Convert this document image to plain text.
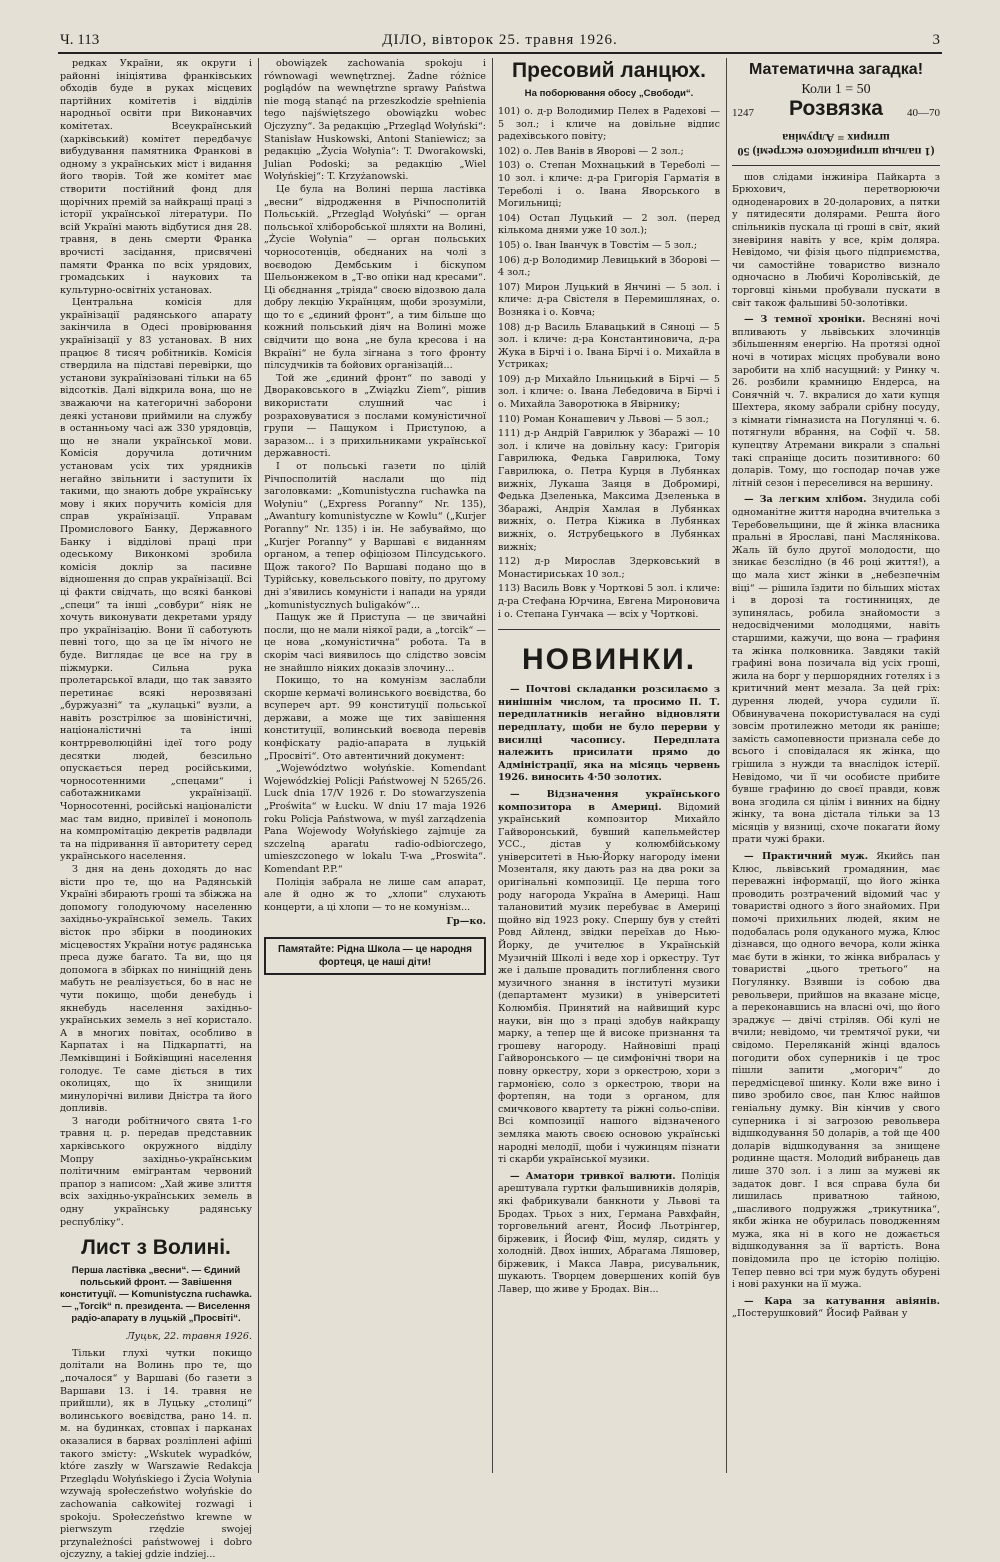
Ч. 113	ДІЛО, вівторок 25. травня 1926.	3

редках України, як округи і районні ініціятива франківських обходів буде в руках місцевих партійних комітетів і відділів народньої освіти при Виконавчих комітетах. Всеукраїнський (харківський) комітет передбачує вибудування памятника Франкові в одному з українських міст і видання його творів. Той же комітет має створити постійний фонд для щорічних премій за найкращі праці з історії української літератури. По всій Україні мають відбутися дня 28. травня, в день смерти Франка врочисті засідання, присвячені памяти Франка по всіх урядових, громадських і наукових та культурно-освітніх установах.

Центральна комісія для українізації радянського апарату закінчила в Одесі провірювання українізації у 83 установах. В них працює 8 тисяч робітників. Комісія ствердила на підставі перевірки, що установи зукраїнізовані тільки на 65 відсотків. Далі відкрила вона, що не зважаючи на категоричні заборони деякі установи приймили на службу в останньому часі аж 330 урядовців, що не знали української мови. Комісія доручила дотичним установам усіх тих урядників негайно звільнити і заступити їх такими, що знають добре українську мову і яких поручить комісія для справ українізації. Управам Промислового Банку, Державного Банку і відділові праці при одеському Виконкомі зробила комісія доклір за пасивне відношення до справ українізації. Всі ці факти свідчать, що всякі банкові „специ“ та інші „совбури“ ніяк не хочуть виконувати декретами уряду про українізацію. Вони її саботують певні того, що за це їм нічого не буде. Виглядає це все на гру в піжмурки. Сильна рука пролетарської влади, що так завзято перетинає всякі нерозвязані „буржуазні“ та „кулацькі“ вузли, а навіть розстрілює за шовіністичні, націоналістичні та інші контрреволюційні ідеї того роду десятки людей, безсильно опускається перед російськими, чорносотенними „спецами“ і саботажниками українізації. Чорносотенні, російські націоналісти мас там видно, привілеї і монополь на компромітацію декретів радвлади та на підривання її авторитету серед українського населення.

З дня на день доходять до нас вісти про те, що на Радянській Україні збирають гроші та збіжжа на допомогу голодуючому населенню західньо-української земель. Таких вісток про збірки в поодиноких місцевостях України нотує радянська преса дуже багато. Та ви, що ця допомога в збірках по ниніщній день мабуть не реалізується, бо в нас не чути покищо, щоби денебудь і якнебудь населення західньо-українських земель з неї користало. А в многих повітах, особливо в Карпатах і на Підкарпатті, на Лемківщині і Бойківщині населення голодує. Те саме діється в тих околицях, що їх знищили минулорічні виливи Дністра та його допливів.

З нагоди робітничого свята 1-го травня ц. р. передав представник харківського окружного відділу Мопру західньо-українським політичним емігрантам червоний прапор з написом: „Хай живе злиття всіх західньо-українських земель в одну українську радянську республіку“.

Лист з Волині.
Перша ластівка „весни“. — Єдиний польський фронт. — Завішення конституції. — Komunistyczna ruchawka. — „Torcik“ п. президента. — Виселення радіо-апарату в луцькій „Просвіті“.
Луцьк, 22. травня 1926.

Тільки глухі чутки покищо долітали на Волинь про те, що „почалося“ у Варшаві (бо газети з Варшави 13. і 14. травня не прийшли), як в Луцьку „столиці“ волинського воєвідства, рано 14. п. м. на будинках, стовпах і парканах оказалися в барвах розліплені афіші такого змісту: „Wskutek wypadków, które zaszły w Warszawie Redakcja Przeglądu Wołyńskiego i Życia Wołynia wzywają społeczeństwo wołyńskie do zachowania całkowitej rozwagi i spokoju. Społeczeństwo krewne w pierwszym rzędzie swojej przynależności państwowej i dobro ojczyzny, a takiej gdzie indziej...

obowiązek zachowania spokoju i równowagi wewnętrznej. Żadne różnice poglądów na wewnętrzne sprawy Państwa nie mogą stanąć na przeszkodzie spełnienia tego najświętszego obowiązku wobec Ojczyzny“. За редакцію „Przegląd Wołyński“: Stanisław Huskowski, Antoni Staniewicz; за редакцію „Życia Wołynia“: T. Dworakowski, Julian Podoski; за редакцію „Wiel Wołyńskiej“: T. Krzyżanowski.

Це була на Волині перша ластівка „весни“ відродження в Річпосполитій Польській. „Przegląd Wołyński“ — орган польської хліборобської шляхти на Волині, „Życie Wołynia“ — орган польських чорносотенців, обєднаних на чолі з воєводою Дембським і біскупом Шельонжеком в „Т-во опіки над кресами“. Ці обєднання „тріяда“ своєю відозвою дала добру лекцію Українцям, щоби зрозуміли, що то є „єдиний фронт“, а тим більше що кожний польський діяч на Волині може свідчити що вона „не була кресова і на Вкраїні“ не була зігнана з того фронту пілсудчиків та бойових організацій...

Той же „єдиний фронт“ по заводі у Двораковського в „Związku Ziem“, рішив використати слушний час і розраховуватися з послами комуністичної групи — Пащуком і Приступою, а заразом... і з прихильниками української державності.

І от польські газети по цілій Річпосполитій наслали що під заголовками: „Komunistyczna ruchawka na Wołyniu“ („Express Poranny“ Nr. 135), „Awantury komunistyczne w Kowlu“ („Kurjer Poranny“ Nr. 135) і ін. Не забуваймо, що „Kurjer Poranny“ у Варшаві є виданням органом, а тепер офіціозом Пілсудського. Щож такого? По Варшаві подано що в Турійську, ковельського повіту, по другому дні з'явились комуністи і напади на уряди „komunistycznych buligaków“...

Пащук же й Приступа — це звичайні посли, що не мали ніякої ради, а „torcik“ — це нова „комуністична“ робота. Та в скорім часі виявилось що слідство зовсім не знайшло ніяких доказів злочину...

Покищо, то на комунізм заслабли скорше кермачі волинського воєвідства, бо всупереч арт. 99 конституції польської держави, а може ще тих завішення конституції, волинський воєвода перевів конфіскату радіо-апарата в луцькій „Просвіті“. Ото автентичний документ:

„Województwo wołyńskie. Komendant Wojewódzkiej Policji Państwowej N 5265/26. Luck dnia 17/V 1926 r. Do stowarzyszenia „Proświta“ w Łucku. W dniu 17 maja 1926 roku Policja Państwowa, w myśl zarządzenia Pana Wojewody Wołyńskiego zajmuje za szczelną aparatu radio-odbiorczego, umieszczonego w lokalu T-wa „Proswita“. Komendant P.P.“

Поліція забрала не лише сам апарат, але й одно ж то „хлопи“ слухають концерти, а ці хлопи — то не комунізм...

Гр—ко.
Памятайте: Рідна Школа — це народня фортеця, це наші діти!
Пресовий ланцюх.
На поборювання обосу „Свободи“.

101) о. д-р Володимир Пелех в Радехові — 5 зол.; і кличе на довільне відпис радехівського повіту;

102) о. Лев Ванів в Яворові — 2 зол.;

103) о. Степан Мохнацький в Тереболі — 10 зол. і кличе: д-ра Григорія Гарматія в Тереболі і о. Івана Яворського в Могильниці;

104) Остап Луцький — 2 зол. (перед кількома днями уже 10 зол.);

105) о. Іван Іванчук в Товстім — 5 зол.;

106) д-р Володимир Левицький в Зборові — 4 зол.;

107) Мирон Луцький в Янчині — 5 зол. і кличе: д-ра Свістеля в Перемишлянах, о. Возняка і о. Ковча;

108) д-р Василь Блавацький в Сяноці — 5 зол. і кличе: д-ра Константиновича, д-ра Жука в Бірчі і о. Івана Бірчі і о. Михайла в Устриках;

109) д-р Михайло Ільницький в Бірчі — 5 зол. і кличе: о. Івана Лебедовича в Бірчі і о. Михайла Заворотюка в Явірнику;

110) Роман Конашевич у Львові — 5 зол.;

111) д-р Андрій Гаврилюк у Збаражі — 10 зол. і кличе на довільну касу: Григорія Гаврилюка, Федька Гаврилюка, Тому Гаврилюка, о. Петра Курця в Лубянках вижніх, Лукаша Заяця в Добромирі, Федька Дзеленька, Максима Дзеленька в Збаражі, Андрія Хамлая в Лубянках вижніх, о. Петра Кіжика в Лубянках вижніх, о. Яструбецького в Лубянках вижніх;

112) д-р Мирослав Здерковський в Монастириськах 10 зол.;

113) Василь Вовк у Чорткові 5 зол. і кличе: д-ра Стефана Юрчина, Евгена Мироновича і о. Степана Гунчака — всіх у Чорткові.

НОВИНКИ.

— Почтові складанки розсилаємо з нинішнім числом, та просимо П. Т. передплатників негайно відновляти передплату, щоби не було перерви у висилці часопису. Передплата належить присилати прямо до Адміністрації, яка на місяць червень 1926. виносить 4·50 золотих.

— Відзначення українського композитора в Америці. Відомий український композитор Михайло Гайворонський, бувший капельмейстер УСС., дістав у колюмбійському університеті в Нью-Йорку нагороду імени Мозенталя, яку дають раз на два роки за оригінальні композиції. Це перша того роду нагорода Україна в Америці. Наш талановитий музик перебуває в Америці щойно від 1923 року. Спершу був у стейті Ровд Айленд, звідки переїхав до Нью-Йорку, де учителює в Українській Музичній Школі і веде хор і оркестру. Тут же і дальше провадить поглиблення свого музичного знання в інституті музики (департамент музики) в університеті Колюмбія. Принятий на найвищий курс науки, він що з праці здобув найкращу марку, а тепер ще й високе признання та грошеву нагороду. Найновіші праці Гайворонського — це симфонічні твори на повну оркестру, хори з оркестрою, хори з гармонією, соло з оркестрою, твори на фортепян, на тоди з органом, для смичкового квартету та ріжні сольо-співи. Всі композиції нашого відзначеного земляка мають своєю основою українські народні мелодії, щоби і чужинцям пізнати ті скарби української музики.

— Аматори тривкої валюти. Поліція арештувала гуртки фальшивників долярів, які фабрикували банкноти у Львові та Бродах. Трьох з них, Германа Равхфайн, торговельний агент, Йосиф Льотрінгер, біржевик, і Йосиф Фіш, муляр, сидять у холодній. Двох інших, Абрагама Ляшовер, біржевик, і Макса Лавра, рисувальник, шукають. Творцем довершених копій був Лавер, що живе у Бродах. Він...

Математична загадка!
Коли 1 = 50
1247	Розвязка	40—70
(1 пальця штирийского екстремі) 50 штирих = Алруміна

шов слідами інжиніра Пайкарта з Брюхович, перетворюючи одноденарових в 20-доларових, а пятки у пятидесяти долярами. Решта його спільників пускала ці гроші в світ, який зневіриня навіть у все, крім доляра. Невідомо, чи фізія цього підприємства, чи самостійне товариство визнало одночасно в Любичі Королівській, де торговці кіньми пробували пускати в світ також фальшиві 50-золотівки.

— З темної хроніки. Весняні ночі впливають у львівських злочинців збільшенням енергію. На протязі одної ночі в чотирах місцях пробували воно заробити на хліб насущний: у Ринку ч. 26. розбили крамницю Ендерса, на Сонячній ч. 7. вкралися до хати купця Шехтера, якому забрали срібну посуду, з кімнати гімназиста на Погулянці ч. 6. потягнули вбрання, на Софії ч. 58. купецтву Атремани викрали з спальні такі спраніще досить позитивного: 60 доларів. Тому, що господар почав уже літній сезон і переселився на вершину.

— За легким хлібом. Знудила собі одноманітне життя народна вчителька з Теребовельщини, ще й жінка власника пральні в Ярославі, пані Масляніковa. Жаль їй було другої молодости, що зникає безслідно (в 46 році життя!), а що мала хист жінки в „небезпечнім віці“ — рішила їздити по більших містах і в дорозі та гостинницях, де зупинялась, робила знайомости з недосвідченими молодцями, навіть старшими, кажучи, що вона — графиня та жінка полковника. Завдяки такій графині вона позичала від усіх гроші, жила на борг у першорядних готелях і з критичний мент мезала. За цей гріх: дурення людей, учора судили її. Обвинувачена покористувалася на суді зовсім протилежно методи як раніше; замість самопевности признала себе до всього і сповідалася як жінка, що грішила з нужди та внаслідок істерії. Невідомо, чи її чи особисте прибите бувше графиню до своєї правди, ковж вона згодила ся цілім і винних на бідну жінку, та вона дістала тільки за 13 місяців у вязниці, схоче покагати йому прати чужі браки.

— Практичний муж. Якийсь пан Клюс, львівський громадянин, має переважні інформації, що його жінка проводить розтрачений відомий час у товаристві одного з його знайомих. При помочі прихильних людей, яким не подобалась роля одуканого мужа, Клюс дізнався, що одного вечора, коли жінка має бути в жінки, то жінка вибралась у товаристві „цього третього“ на Погулянку. Взявши із собою два револьвери, прийшов на вказане місце, а переконавшись на власні очі, що його зраджує — двічі стріляв. Обі кулі не вчили; невідомо, чи тремтячої руки, чи свідомо. Переляканій жінці вдалось погодити обох суперників і це трос пішли запити „могорич“ до передмісцевої шинку. Коли вже вино і пиво зробило своє, пан Клюс найшов геніальну думку. Він кінчив у свого суперника і зі загрозою револьвера відшкодування 50 доларів, а той ще 400 доларів відшкодування за знищене родинне щастя. Молодий вибранець дав лише 370 зол. і з лиш за мужеві як задаток довг. І вся справа була би лишилась приватною тайною, „шасливого подружжя „трикутника“, якби жінка не обурилась поводженням мужа, яка ні в кого не дожається відшкодування за її вартість. Вона повідомила про це історію поліцію. Тепер певно всі три муж будуть обурені і нові рахунки на її мужа.

— Кара за катування авіянів. „Постерушковий“ Йосиф Райван у
